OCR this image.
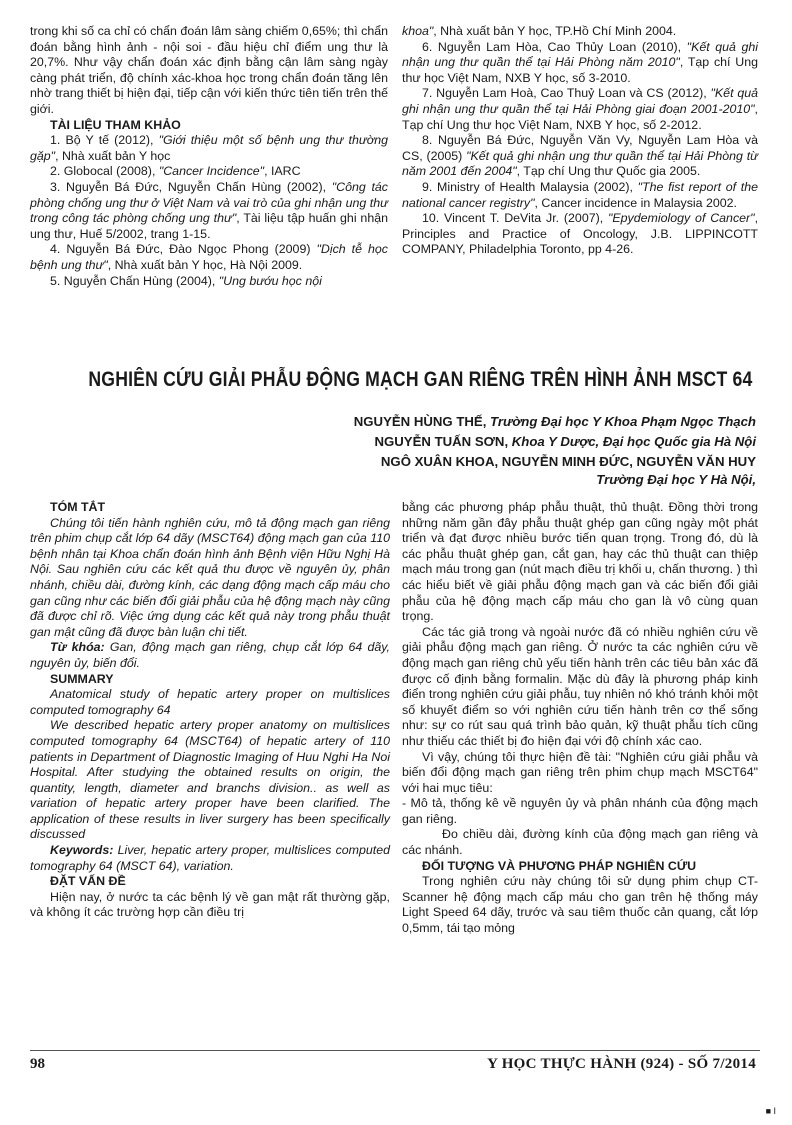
trong khi số ca chỉ có chẩn đoán lâm sàng chiếm 0,65%; thì chẩn đoán bằng hình ảnh - nội soi - đầu hiệu chỉ điểm ung thư là 20,7%. Như vậy chẩn đoán xác định bằng cận lâm sàng ngày càng phát triển, độ chính xác-khoa học trong chẩn đoán tăng lên nhờ trang thiết bị hiện đại, tiếp cận với kiến thức tiên tiến trên thế giới.

TÀI LIỆU THAM KHẢO

1. Bộ Y tế (2012), "Giới thiệu một số bệnh ung thư thường gặp", Nhà xuất bản Y học

2. Globocal (2008), "Cancer Incidence", IARC

3. Nguyễn Bá Đức, Nguyễn Chấn Hùng (2002), "Công tác phòng chống ung thư ở Việt Nam và vai trò của ghi nhận ung thư trong công tác phòng chống ung thư", Tài liệu tập huấn ghi nhận ung thư, Huế 5/2002, trang 1-15.

4. Nguyễn Bá Đức, Đào Ngọc Phong (2009) "Dịch tễ học bệnh ung thư", Nhà xuất bản Y học, Hà Nội 2009.

5. Nguyễn Chấn Hùng (2004), "Ung bướu học nội

khoa", Nhà xuất bản Y học, TP.Hồ Chí Minh 2004.

6. Nguyễn Lam Hòa, Cao Thủy Loan (2010), "Kết quả ghi nhận ung thư quần thể tại Hải Phòng năm 2010", Tạp chí Ung thư học Việt Nam, NXB Y học, số 3-2010.

7. Nguyễn Lam Hoà, Cao Thuỷ Loan và CS (2012), "Kết quả ghi nhận ung thư quần thể tại Hải Phòng giai đoạn 2001-2010", Tạp chí Ung thư học Việt Nam, NXB Y học, số 2-2012.

8. Nguyễn Bá Đức, Nguyễn Văn Vy, Nguyễn Lam Hòa và CS, (2005) "Kết quả ghi nhận ung thư quần thể tại Hải Phòng từ năm 2001 đến 2004", Tạp chí Ung thư Quốc gia 2005.

9. Ministry of Health Malaysia (2002), "The fist report of the national cancer registry", Cancer incidence in Malaysia 2002.

10. Vincent T. DeVita Jr. (2007), "Epydemiology of Cancer", Principles and Practice of Oncology, J.B. LIPPINCOTT COMPANY, Philadelphia Toronto, pp 4-26.

NGHIÊN CỨU GIẢI PHẪU ĐỘNG MẠCH GAN RIÊNG TRÊN HÌNH ẢNH MSCT 64
NGUYỄN HÙNG THẾ, Trường Đại học Y Khoa Phạm Ngọc Thạch
NGUYỄN TUẤN SƠN, Khoa Y Dược, Đại học Quốc gia Hà Nội
NGÔ XUÂN KHOA, NGUYỄN MINH ĐỨC, NGUYỄN VĂN HUY
Trường Đại học Y Hà Nội,

TÓM TẮT

Chúng tôi tiến hành nghiên cứu, mô tả động mạch gan riêng trên phim chụp cắt lớp 64 dãy (MSCT64) động mạch gan của 110 bệnh nhân tại Khoa chẩn đoán hình ảnh Bệnh viện Hữu Nghị Hà Nội. Sau nghiên cứu các kết quả thu được về nguyên ủy, phân nhánh, chiều dài, đường kính, các dạng động mạch cấp máu cho gan cũng như các biến đổi giải phẫu của hệ động mạch này cũng đã được chỉ rõ. Việc ứng dụng các kết quả này trong phẫu thuật gan mật cũng đã được bàn luận chi tiết.

Từ khóa: Gan, động mạch gan riêng, chụp cắt lớp 64 dãy, nguyên ủy, biến đổi.

SUMMARY

Anatomical study of hepatic artery proper on multislices computed tomography 64

We described hepatic artery proper anatomy on multislices computed tomography 64 (MSCT64) of hepatic artery of 110 patients in Department of Diagnostic Imaging of Huu Nghi Ha Noi Hospital. After studying the obtained results on origin, the quantity, length, diameter and branchs division.. as well as variation of hepatic artery proper have been clarified. The application of these results in liver surgery has been specifically discussed

Keywords: Liver, hepatic artery proper, multislices computed tomography 64 (MSCT 64), variation.

ĐẶT VẤN ĐỀ

Hiện nay, ở nước ta các bệnh lý về gan mật rất thường gặp, và không ít các trường hợp cần điều trị

bằng các phương pháp phẫu thuật, thủ thuật. Đồng thời trong những năm gần đây phẫu thuật ghép gan cũng ngày một phát triển và đạt được nhiều bước tiến quan trọng. Trong đó, dù là các phẫu thuật ghép gan, cắt gan, hay các thủ thuật can thiệp mạch máu trong gan (nút mạch điều trị khối u, chấn thương. ) thì các hiểu biết về giải phẫu động mạch gan và các biến đổi giải phẫu của hệ động mạch cấp máu cho gan là vô cùng quan trọng.

Các tác giả trong và ngoài nước đã có nhiều nghiên cứu về giải phẫu động mạch gan riêng. Ở nước ta các nghiên cứu về động mạch gan riêng chủ yếu tiến hành trên các tiêu bản xác đã được cố định bằng formalin. Mặc dù đây là phương pháp kinh điển trong nghiên cứu giải phẫu, tuy nhiên nó khó tránh khỏi một số khuyết điểm so với nghiên cứu tiến hành trên cơ thể sống như: sự co rút sau quá trình bảo quản, kỹ thuật phẫu tích cũng như thiếu các thiết bị đo hiện đại với độ chính xác cao.

Vì vậy, chúng tôi thực hiện đề tài: "Nghiên cứu giải phẫu và biến đổi động mạch gan riêng trên phim chụp mạch MSCT64" với hai mục tiêu:

- Mô tả, thống kê về nguyên ủy và phân nhánh của động mạch gan riêng.

Đo chiều dài, đường kính của động mạch gan riêng và các nhánh.

ĐỐI TƯỢNG VÀ PHƯƠNG PHÁP NGHIÊN CỨU

Trong nghiên cứu này chúng tôi sử dụng phim chụp CT-Scanner hệ động mạch cấp máu cho gan trên hệ thống máy Light Speed 64 dãy, trước và sau tiêm thuốc cản quang, cắt lớp 0,5mm, tái tạo mỏng

98	Y HỌC THỰC HÀNH (924) - SỐ 7/2014
■ I
